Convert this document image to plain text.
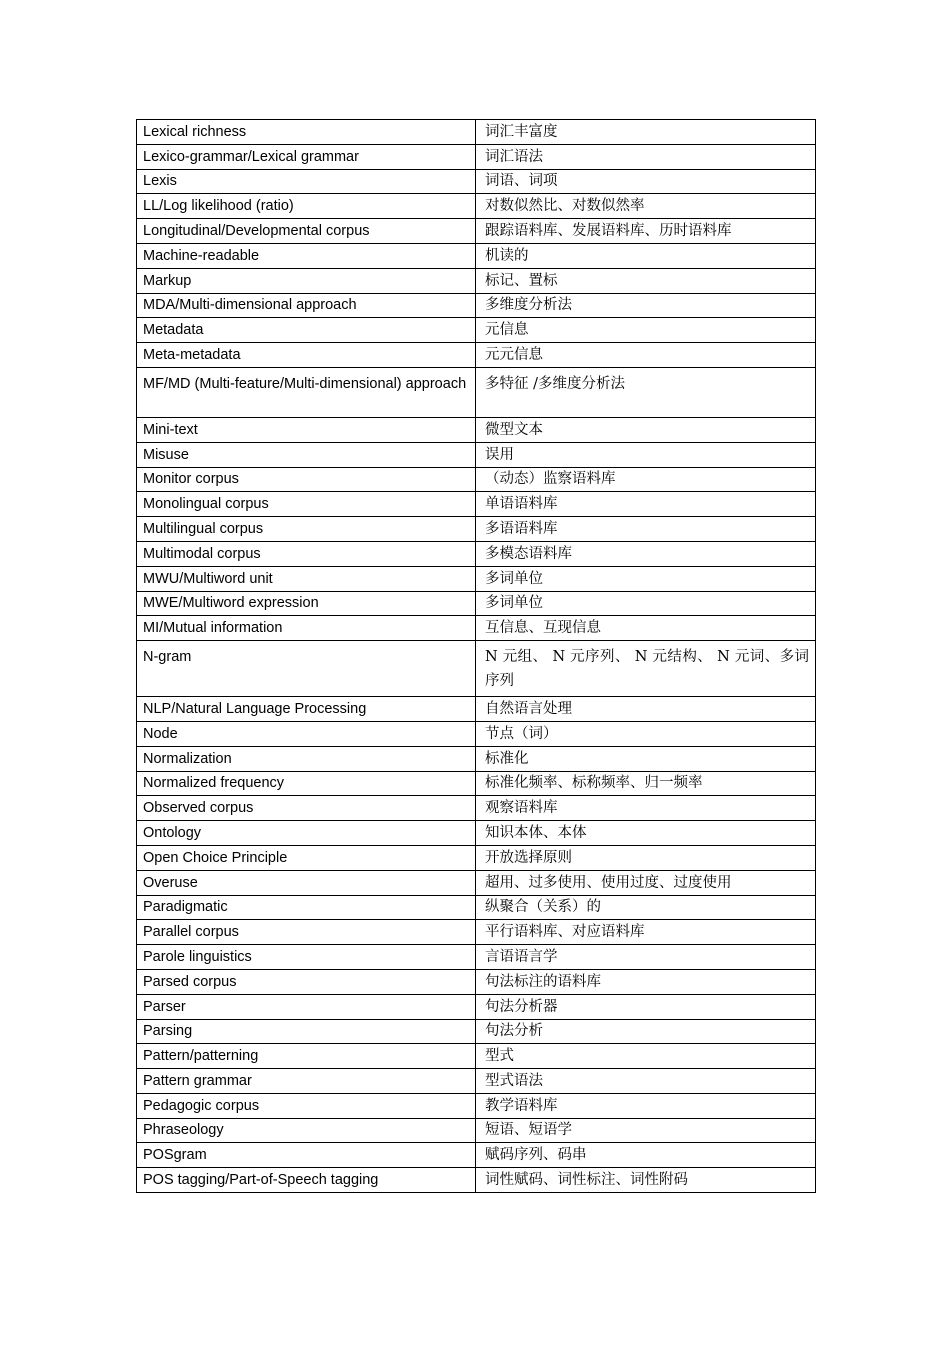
Lexical richness	词汇丰富度
Lexico-grammar/Lexical grammar	词汇语法
Lexis	词语、词项
LL/Log likelihood (ratio)	对数似然比、对数似然率
Longitudinal/Developmental corpus	跟踪语料库、发展语料库、历时语料库
Machine-readable	机读的
Markup	标记、置标
MDA/Multi-dimensional approach	多维度分析法
Metadata	元信息
Meta-metadata	元元信息
MF/MD (Multi-feature/Multi-dimensional) approach	多特征 /多维度分析法
Mini-text	微型文本
Misuse	误用
Monitor corpus	（动态）监察语料库
Monolingual corpus	单语语料库
Multilingual corpus	多语语料库
Multimodal corpus	多模态语料库
MWU/Multiword unit	多词单位
MWE/Multiword expression	多词单位
MI/Mutual information	互信息、互现信息
N-gram	N 元组、 N 元序列、 N 元结构、 N 元词、多词序列
NLP/Natural Language Processing	自然语言处理
Node	节点（词）
Normalization	标准化
Normalized frequency	标准化频率、标称频率、归一频率
Observed corpus	观察语料库
Ontology	知识本体、本体
Open Choice Principle	开放选择原则
Overuse	超用、过多使用、使用过度、过度使用
Paradigmatic	纵聚合（关系）的
Parallel corpus	平行语料库、对应语料库
Parole linguistics	言语语言学
Parsed corpus	句法标注的语料库
Parser	句法分析器
Parsing	句法分析
Pattern/patterning	型式
Pattern grammar	型式语法
Pedagogic corpus	教学语料库
Phraseology	短语、短语学
POSgram	赋码序列、码串
POS tagging/Part-of-Speech tagging	词性赋码、词性标注、词性附码
